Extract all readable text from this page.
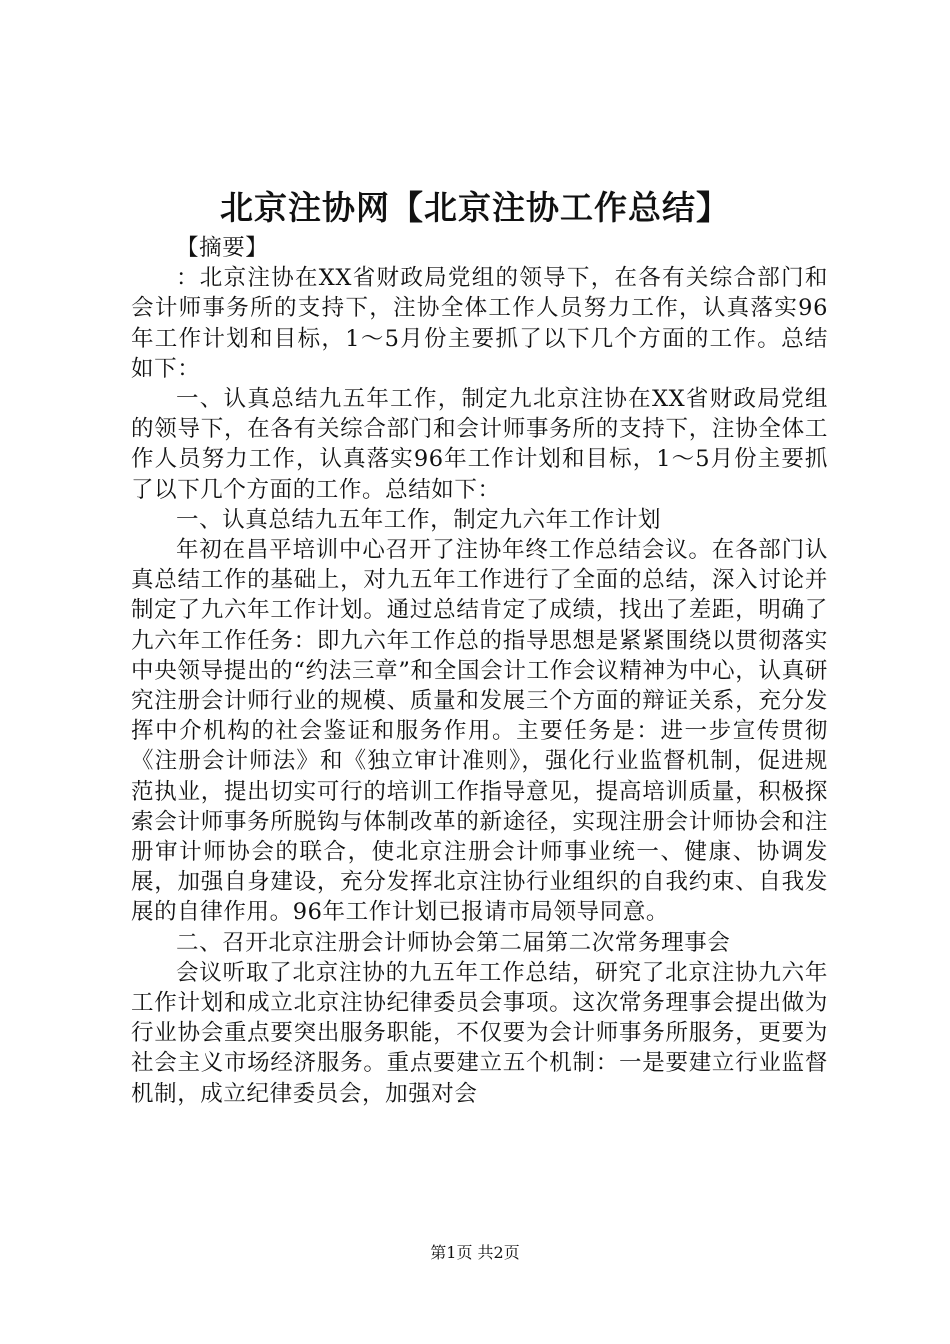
北京注协网【北京注协工作总结】

【摘要】

：北京注协在XX省财政局党组的领导下，在各有关综合部门和会计师事务所的支持下，注协全体工作人员努力工作，认真落实96年工作计划和目标，1～5月份主要抓了以下几个方面的工作。总结如下：

一、认真总结九五年工作，制定九北京注协在XX省财政局党组的领导下，在各有关综合部门和会计师事务所的支持下，注协全体工作人员努力工作，认真落实96年工作计划和目标，1～5月份主要抓了以下几个方面的工作。总结如下：

一、认真总结九五年工作，制定九六年工作计划

年初在昌平培训中心召开了注协年终工作总结会议。在各部门认真总结工作的基础上，对九五年工作进行了全面的总结，深入讨论并制定了九六年工作计划。通过总结肯定了成绩，找出了差距，明确了九六年工作任务：即九六年工作总的指导思想是紧紧围绕以贯彻落实中央领导提出的“约法三章”和全国会计工作会议精神为中心，认真研究注册会计师行业的规模、质量和发展三个方面的辩证关系，充分发挥中介机构的社会鉴证和服务作用。主要任务是：进一步宣传贯彻《注册会计师法》和《独立审计准则》，强化行业监督机制，促进规范执业，提出切实可行的培训工作指导意见，提高培训质量，积极探索会计师事务所脱钩与体制改革的新途径，实现注册会计师协会和注册审计师协会的联合，使北京注册会计师事业统一、健康、协调发展，加强自身建设，充分发挥北京注协行业组织的自我约束、自我发展的自律作用。96年工作计划已报请市局领导同意。

二、召开北京注册会计师协会第二届第二次常务理事会

会议听取了北京注协的九五年工作总结，研究了北京注协九六年工作计划和成立北京注协纪律委员会事项。这次常务理事会提出做为行业协会重点要突出服务职能，不仅要为会计师事务所服务，更要为社会主义市场经济服务。重点要建立五个机制：一是要建立行业监督机制，成立纪律委员会，加强对会

第1页 共2页
